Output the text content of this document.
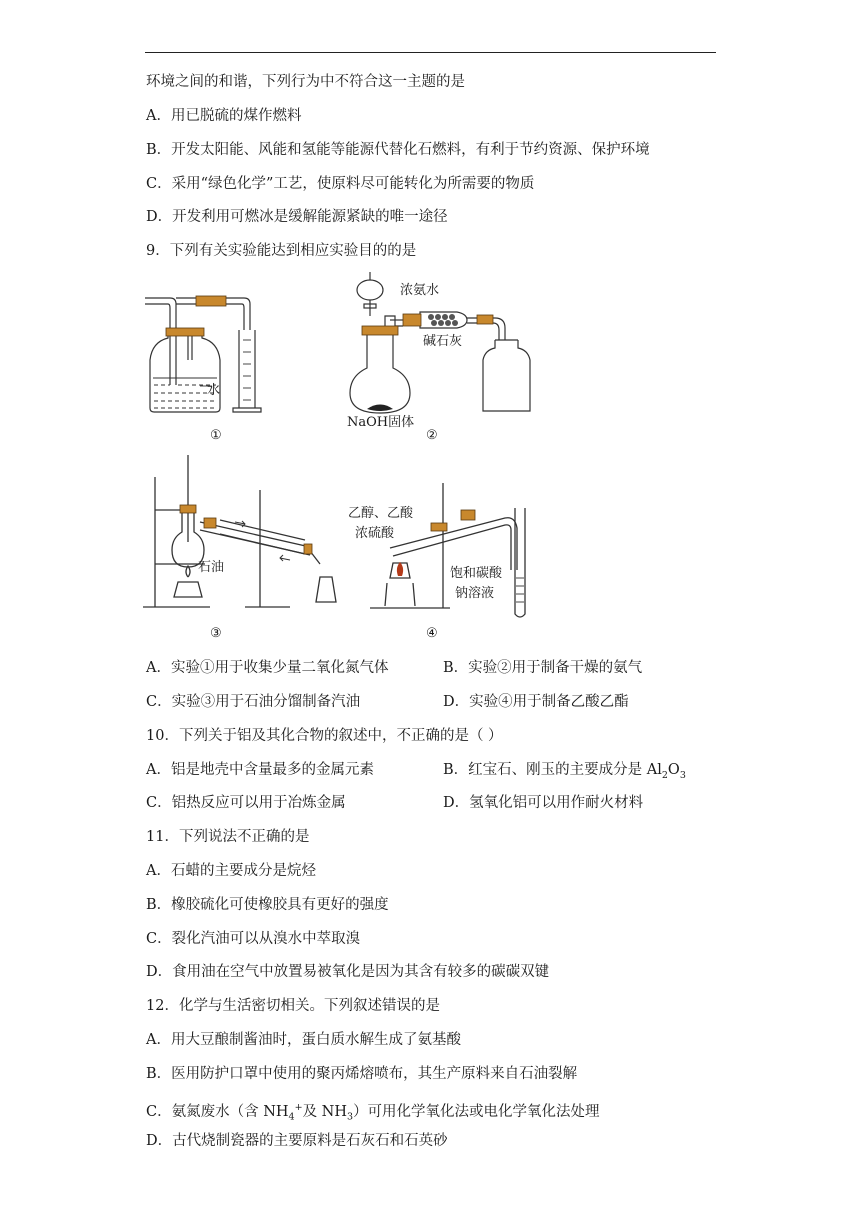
环境之间的和谐，下列行为中不符合这一主题的是
A．用已脱硫的煤作燃料
B．开发太阳能、风能和氢能等能源代替化石燃料，有利于节约资源、保护环境
C．采用“绿色化学”工艺，使原料尽可能转化为所需要的物质
D．开发利用可燃冰是缓解能源紧缺的唯一途径
9．下列有关实验能达到相应实验目的的是
水
①
浓氨水
碱石灰
NaOH固体
②
石油
③
乙醇、乙酸
浓硫酸
饱和碳酸
钠溶液
④
A．实验①用于收集少量二氧化氮气体	B．实验②用于制备干燥的氨气
C．实验③用于石油分馏制备汽油	D．实验④用于制备乙酸乙酯
10．下列关于铝及其化合物的叙述中，不正确的是（ ）
A．铝是地壳中含量最多的金属元素	B．红宝石、刚玉的主要成分是 $Al_2O_3$
C．铝热反应可以用于冶炼金属	D．氢氧化铝可以用作耐火材料
11．下列说法不正确的是
A．石蜡的主要成分是烷烃
B．橡胶硫化可使橡胶具有更好的强度
C．裂化汽油可以从溴水中萃取溴
D．食用油在空气中放置易被氧化是因为其含有较多的碳碳双键
12．化学与生活密切相关。下列叙述错误的是
A．用大豆酿制酱油时，蛋白质水解生成了氨基酸
B．医用防护口罩中使用的聚丙烯熔喷布，其生产原料来自石油裂解
C．氨氮废水（含 $NH_4^+$及 $NH_3$）可用化学氧化法或电化学氧化法处理
D．古代烧制瓷器的主要原料是石灰石和石英砂
